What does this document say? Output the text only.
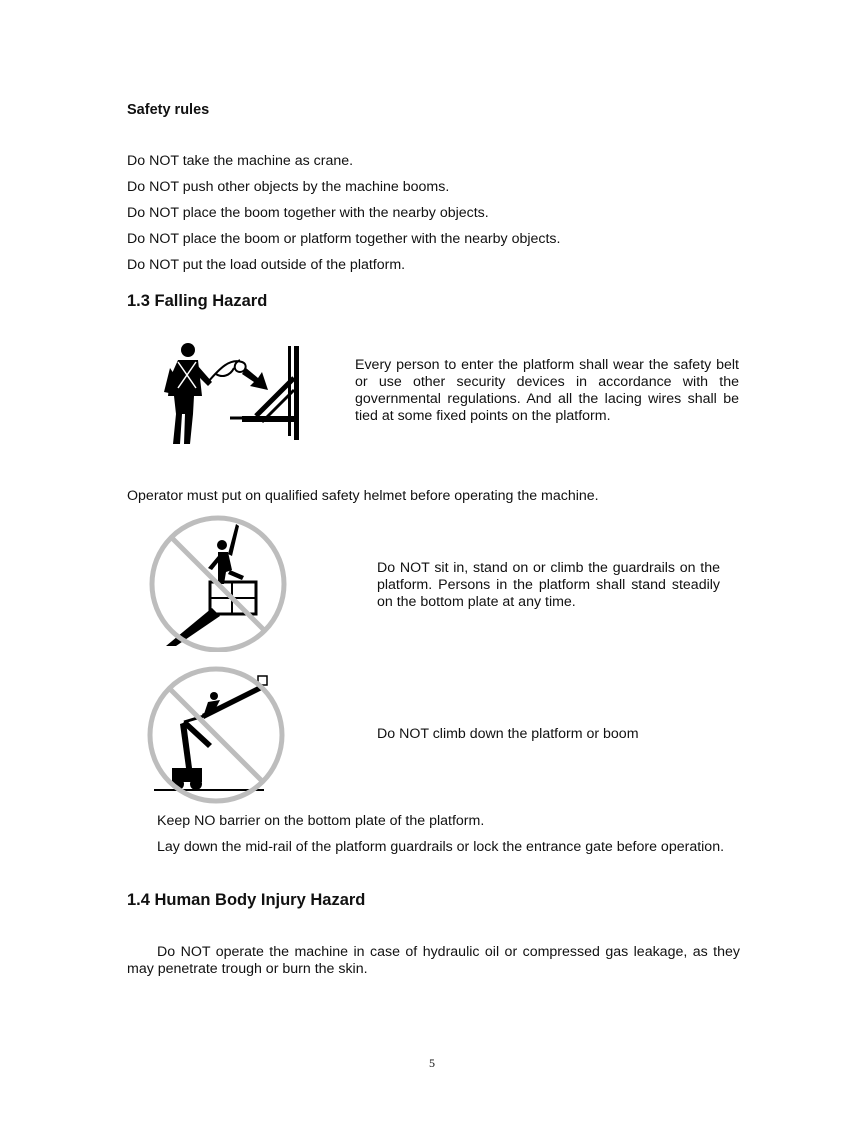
Safety rules
Do NOT take the machine as crane.
Do NOT push other objects by the machine booms.
Do NOT place the boom together with the nearby objects.
Do NOT place the boom or platform together with the nearby objects.
Do NOT put the load outside of the platform.
1.3 Falling Hazard
Every person to enter the platform shall wear the safety belt or use other security devices in accordance with the governmental regulations. And all the lacing wires shall be tied at some fixed points on the platform.
Operator must put on qualified safety helmet before operating the machine.
Do NOT sit in, stand on or climb the guardrails on the platform. Persons in the platform shall stand steadily on the bottom plate at any time.
Do NOT climb down the platform or boom
Keep NO barrier on the bottom plate of the platform.
Lay down the mid-rail of the platform guardrails or lock the entrance gate before operation.
1.4 Human Body Injury Hazard
Do NOT operate the machine in case of hydraulic oil or compressed gas leakage, as they may penetrate trough or burn the skin.
5
